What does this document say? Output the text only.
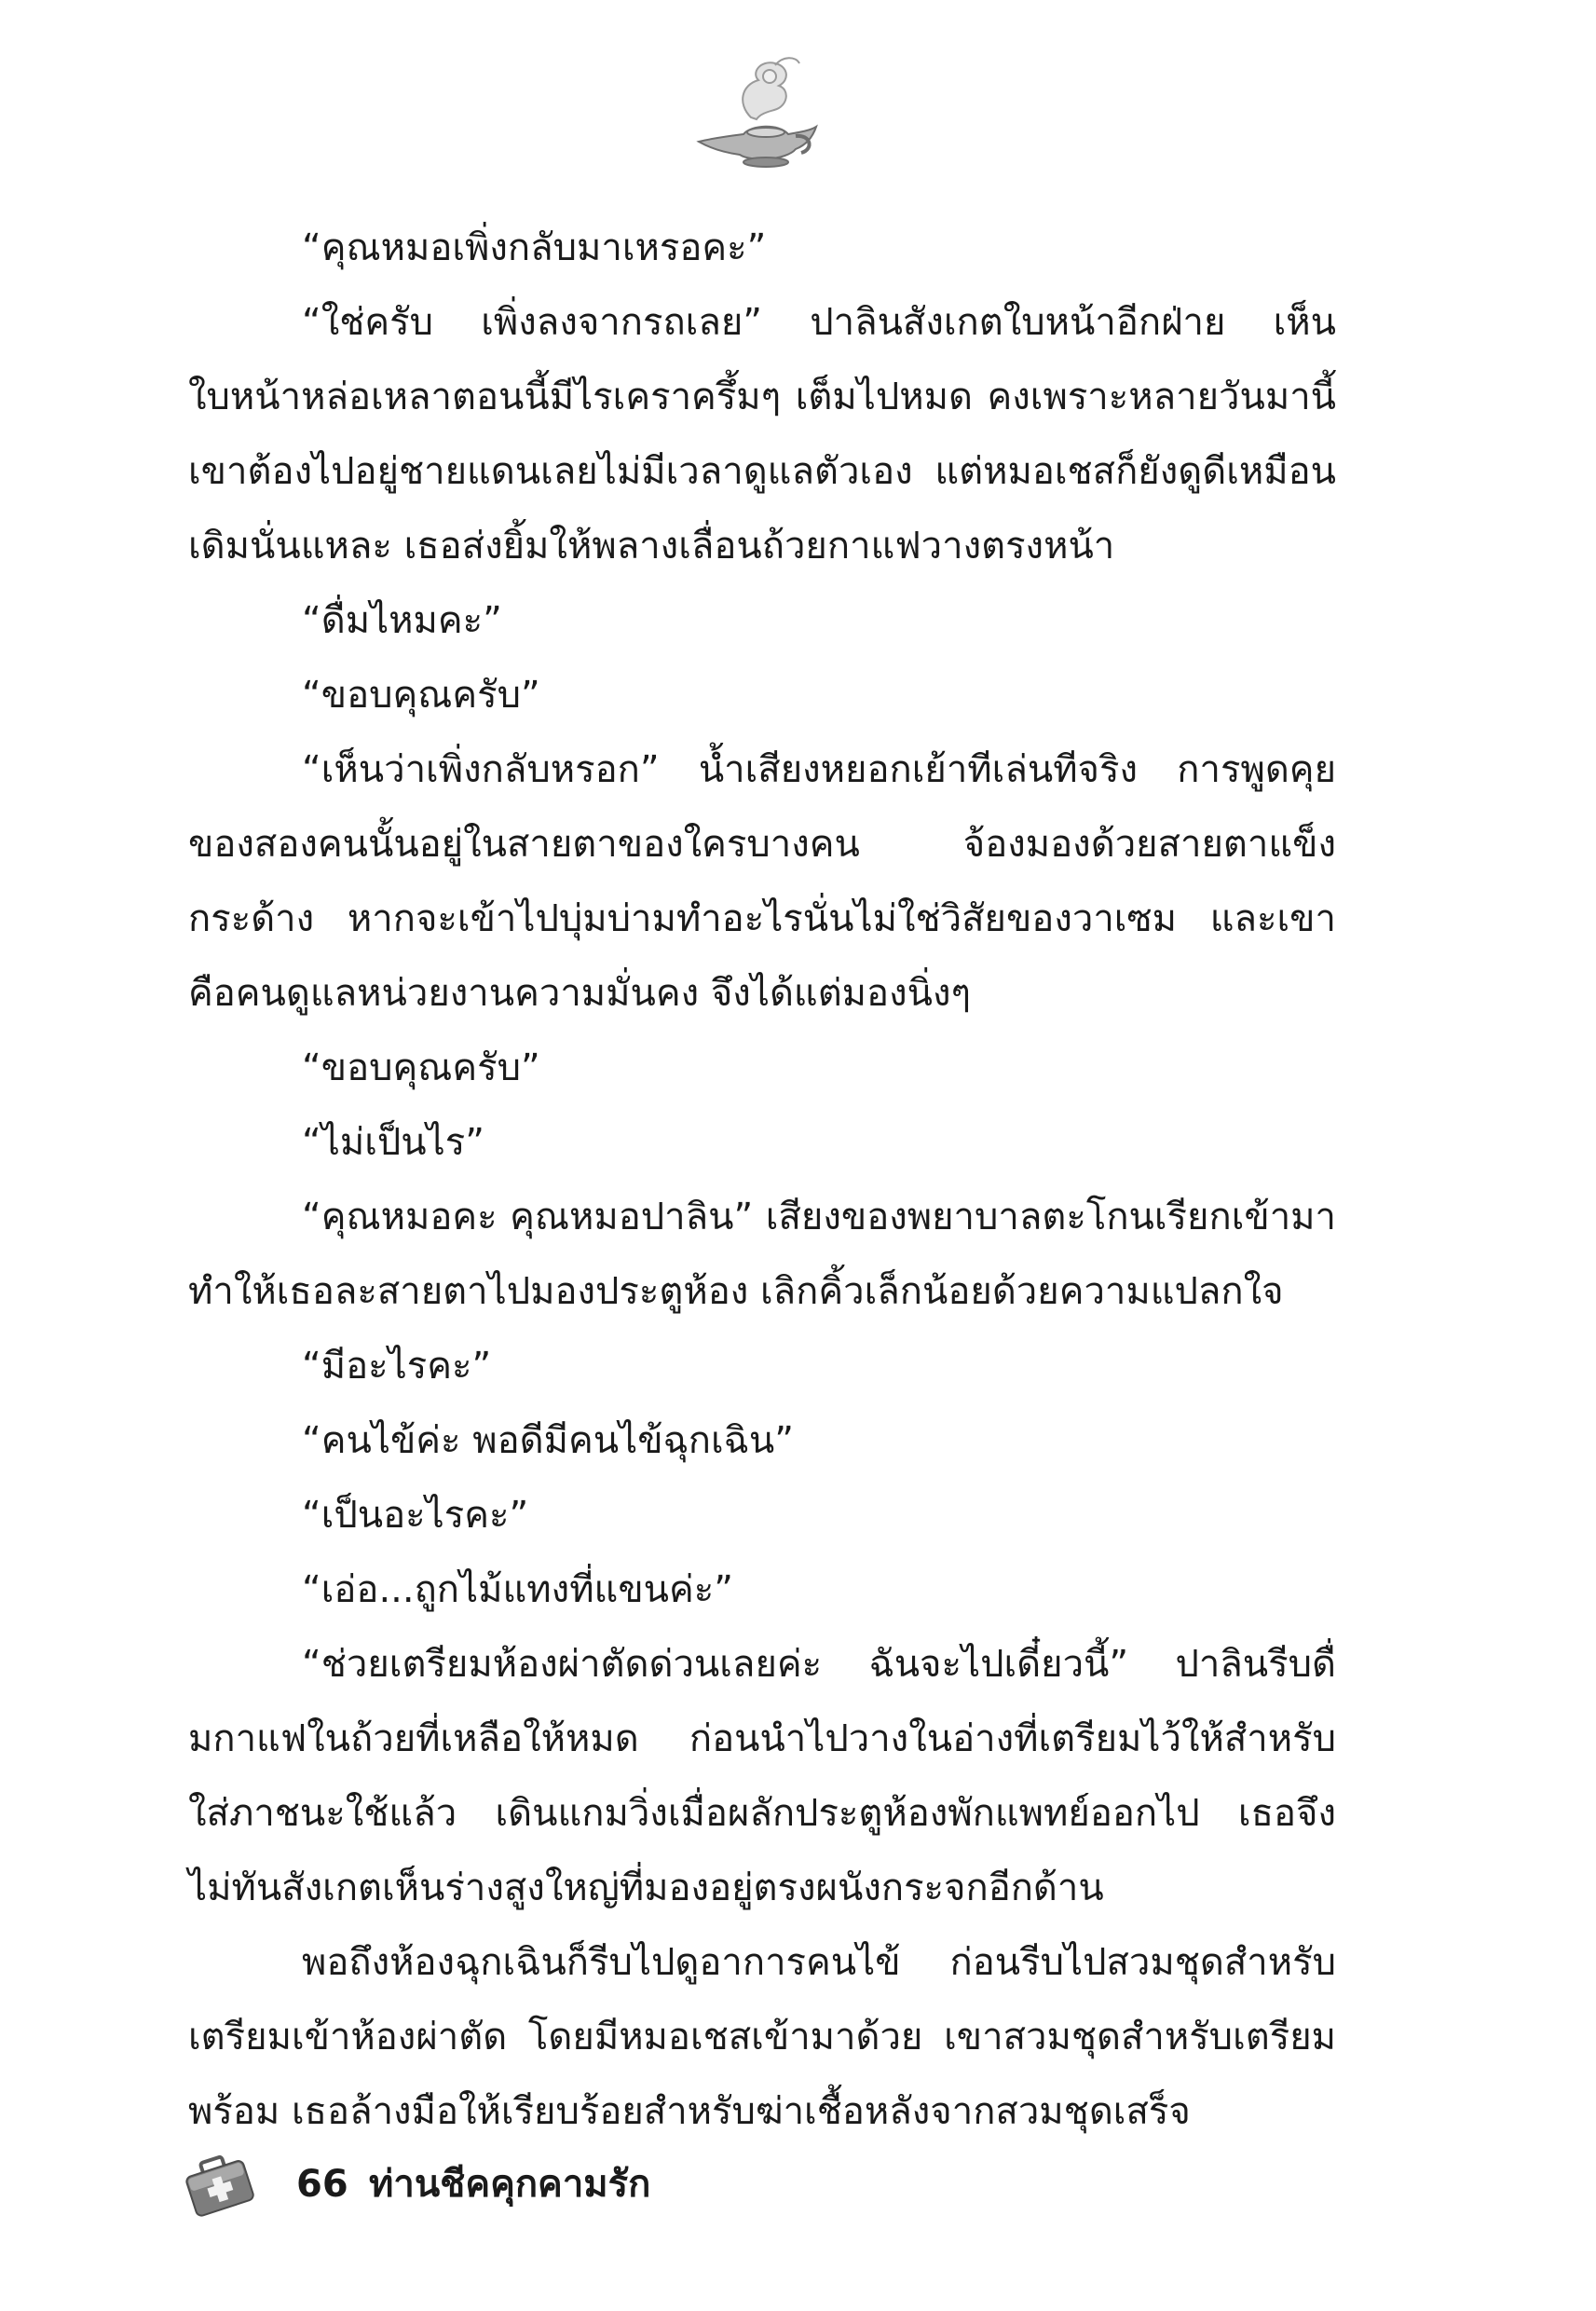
“คุณหมอเพิ่งกลับมาเหรอคะ”

“ใช่ครับ เพิ่งลงจากรถเลย” ปาลินสังเกตใบหน้าอีกฝ่าย เห็นใบหน้าหล่อเหลาตอนนี้มีไรเคราครึ้มๆ เต็มไปหมด คงเพราะหลายวันมานี้เขาต้องไปอยู่ชายแดนเลยไม่มีเวลาดูแลตัวเอง แต่หมอเชสก็ยังดูดีเหมือนเดิมนั่นแหละ เธอส่งยิ้มให้พลางเลื่อนถ้วยกาแฟวางตรงหน้า

“ดื่มไหมคะ”

“ขอบคุณครับ”

“เห็นว่าเพิ่งกลับหรอก” น้ำเสียงหยอกเย้าทีเล่นทีจริง การพูดคุยของสองคนนั้นอยู่ในสายตาของใครบางคน จ้องมองด้วยสายตาแข็งกระด้าง หากจะเข้าไปบุ่มบ่ามทำอะไรนั่นไม่ใช่วิสัยของวาเซม และเขาคือคนดูแลหน่วยงานความมั่นคง จึงได้แต่มองนิ่งๆ

“ขอบคุณครับ”

“ไม่เป็นไร”

“คุณหมอคะ คุณหมอปาลิน” เสียงของพยาบาลตะโกนเรียกเข้ามาทำให้เธอละสายตาไปมองประตูห้อง เลิกคิ้วเล็กน้อยด้วยความแปลกใจ

“มีอะไรคะ”

“คนไข้ค่ะ พอดีมีคนไข้ฉุกเฉิน”

“เป็นอะไรคะ”

“เอ่อ...ถูกไม้แทงที่แขนค่ะ”

“ช่วยเตรียมห้องผ่าตัดด่วนเลยค่ะ ฉันจะไปเดี๋ยวนี้” ปาลินรีบดื่มกาแฟในถ้วยที่เหลือให้หมด ก่อนนำไปวางในอ่างที่เตรียมไว้ให้สำหรับใส่ภาชนะใช้แล้ว เดินแกมวิ่งเมื่อผลักประตูห้องพักแพทย์ออกไป เธอจึงไม่ทันสังเกตเห็นร่างสูงใหญ่ที่มองอยู่ตรงผนังกระจกอีกด้าน

พอถึงห้องฉุกเฉินก็รีบไปดูอาการคนไข้ ก่อนรีบไปสวมชุดสำหรับเตรียมเข้าห้องผ่าตัด โดยมีหมอเชสเข้ามาด้วย เขาสวมชุดสำหรับเตรียมพร้อม เธอล้างมือให้เรียบร้อยสำหรับฆ่าเชื้อหลังจากสวมชุดเสร็จ

66 ท่านชีคคุกคามรัก
